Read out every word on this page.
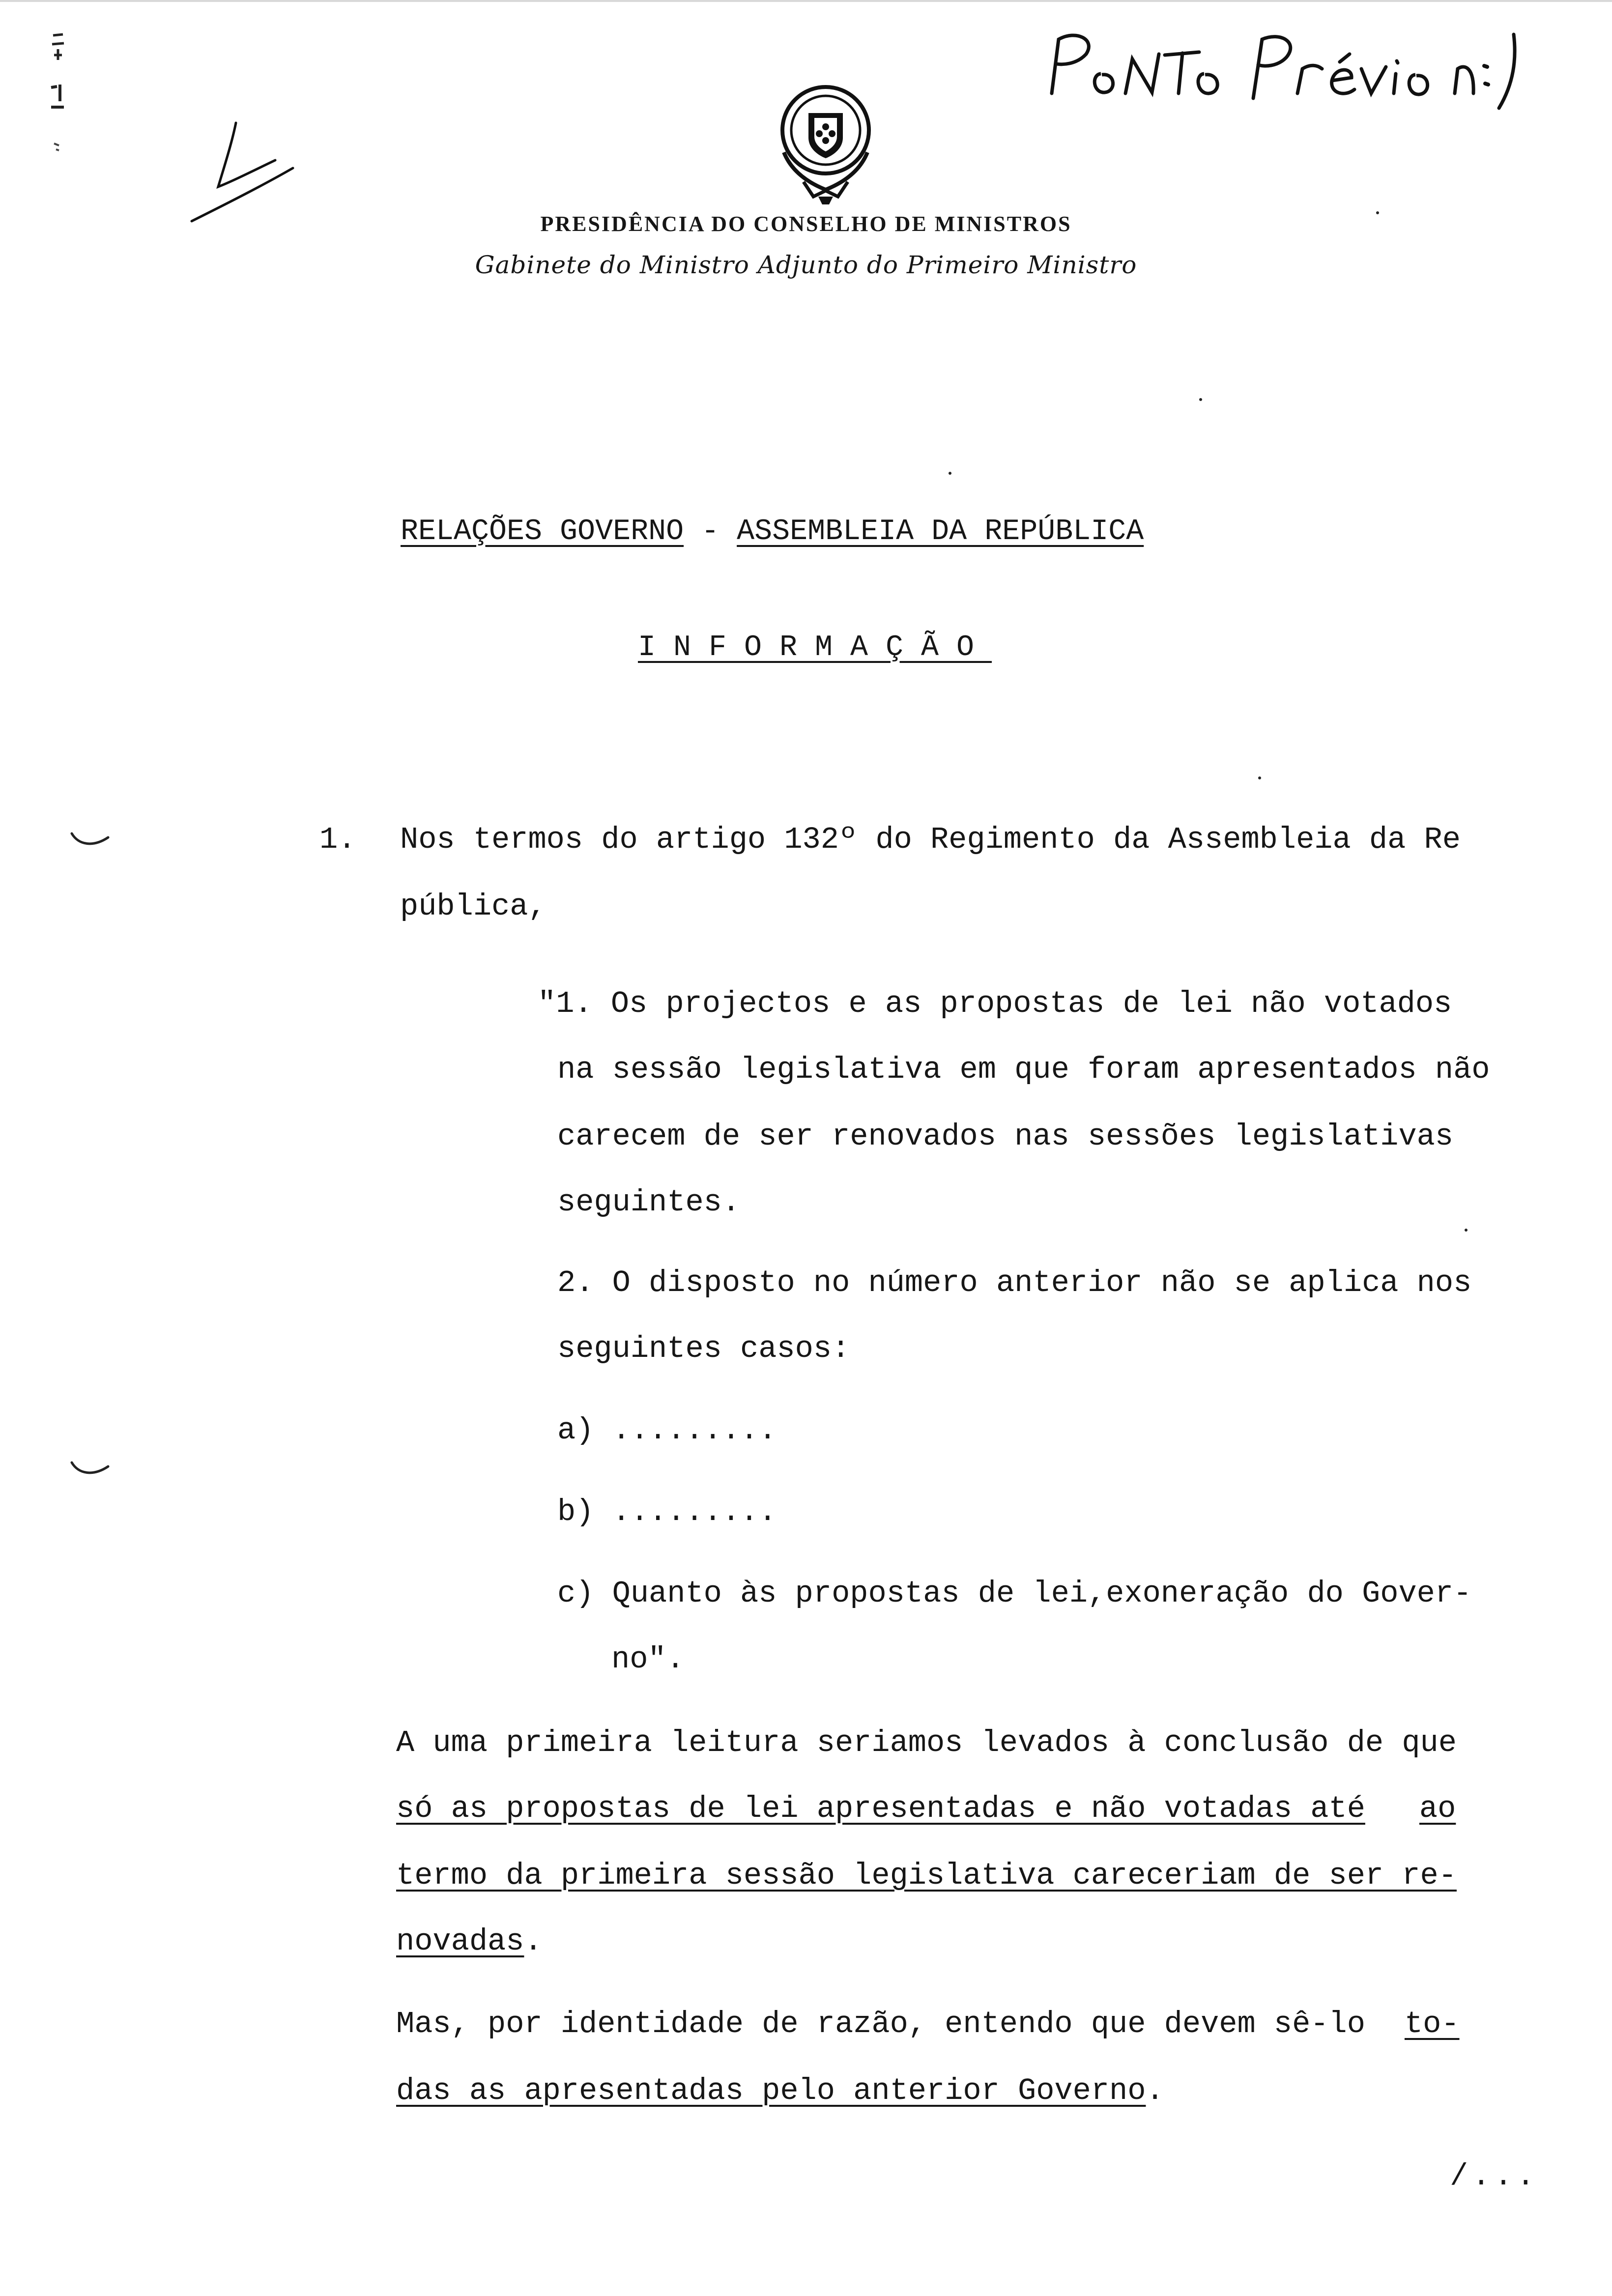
PRESIDÊNCIA DO CONSELHO DE MINISTROS
Gabinete do Ministro Adjunto do Primeiro Ministro
RELAÇÕES GOVERNO - ASSEMBLEIA DA REPÚBLICA
INFORMAÇÃO
1. Nos termos do artigo 132º do Regimento da Assembleia da Re
pública,
"1. Os projectos e as propostas de lei não votados
na sessão legislativa em que foram apresentados não
carecem de ser renovados nas sessões legislativas
seguintes.
2. O disposto no número anterior não se aplica nos
seguintes casos:
a) .........
b) .........
c) Quanto às propostas de lei,exoneração do Gover-
no".
A uma primeira leitura seriamos levados à conclusão de que
só as propostas de lei apresentadas e não votadas até ao
termo da primeira sessão legislativa careceriam de ser re-
novadas.
Mas, por identidade de razão, entendo que devem sê-lo to-
das as apresentadas pelo anterior Governo.
/...
